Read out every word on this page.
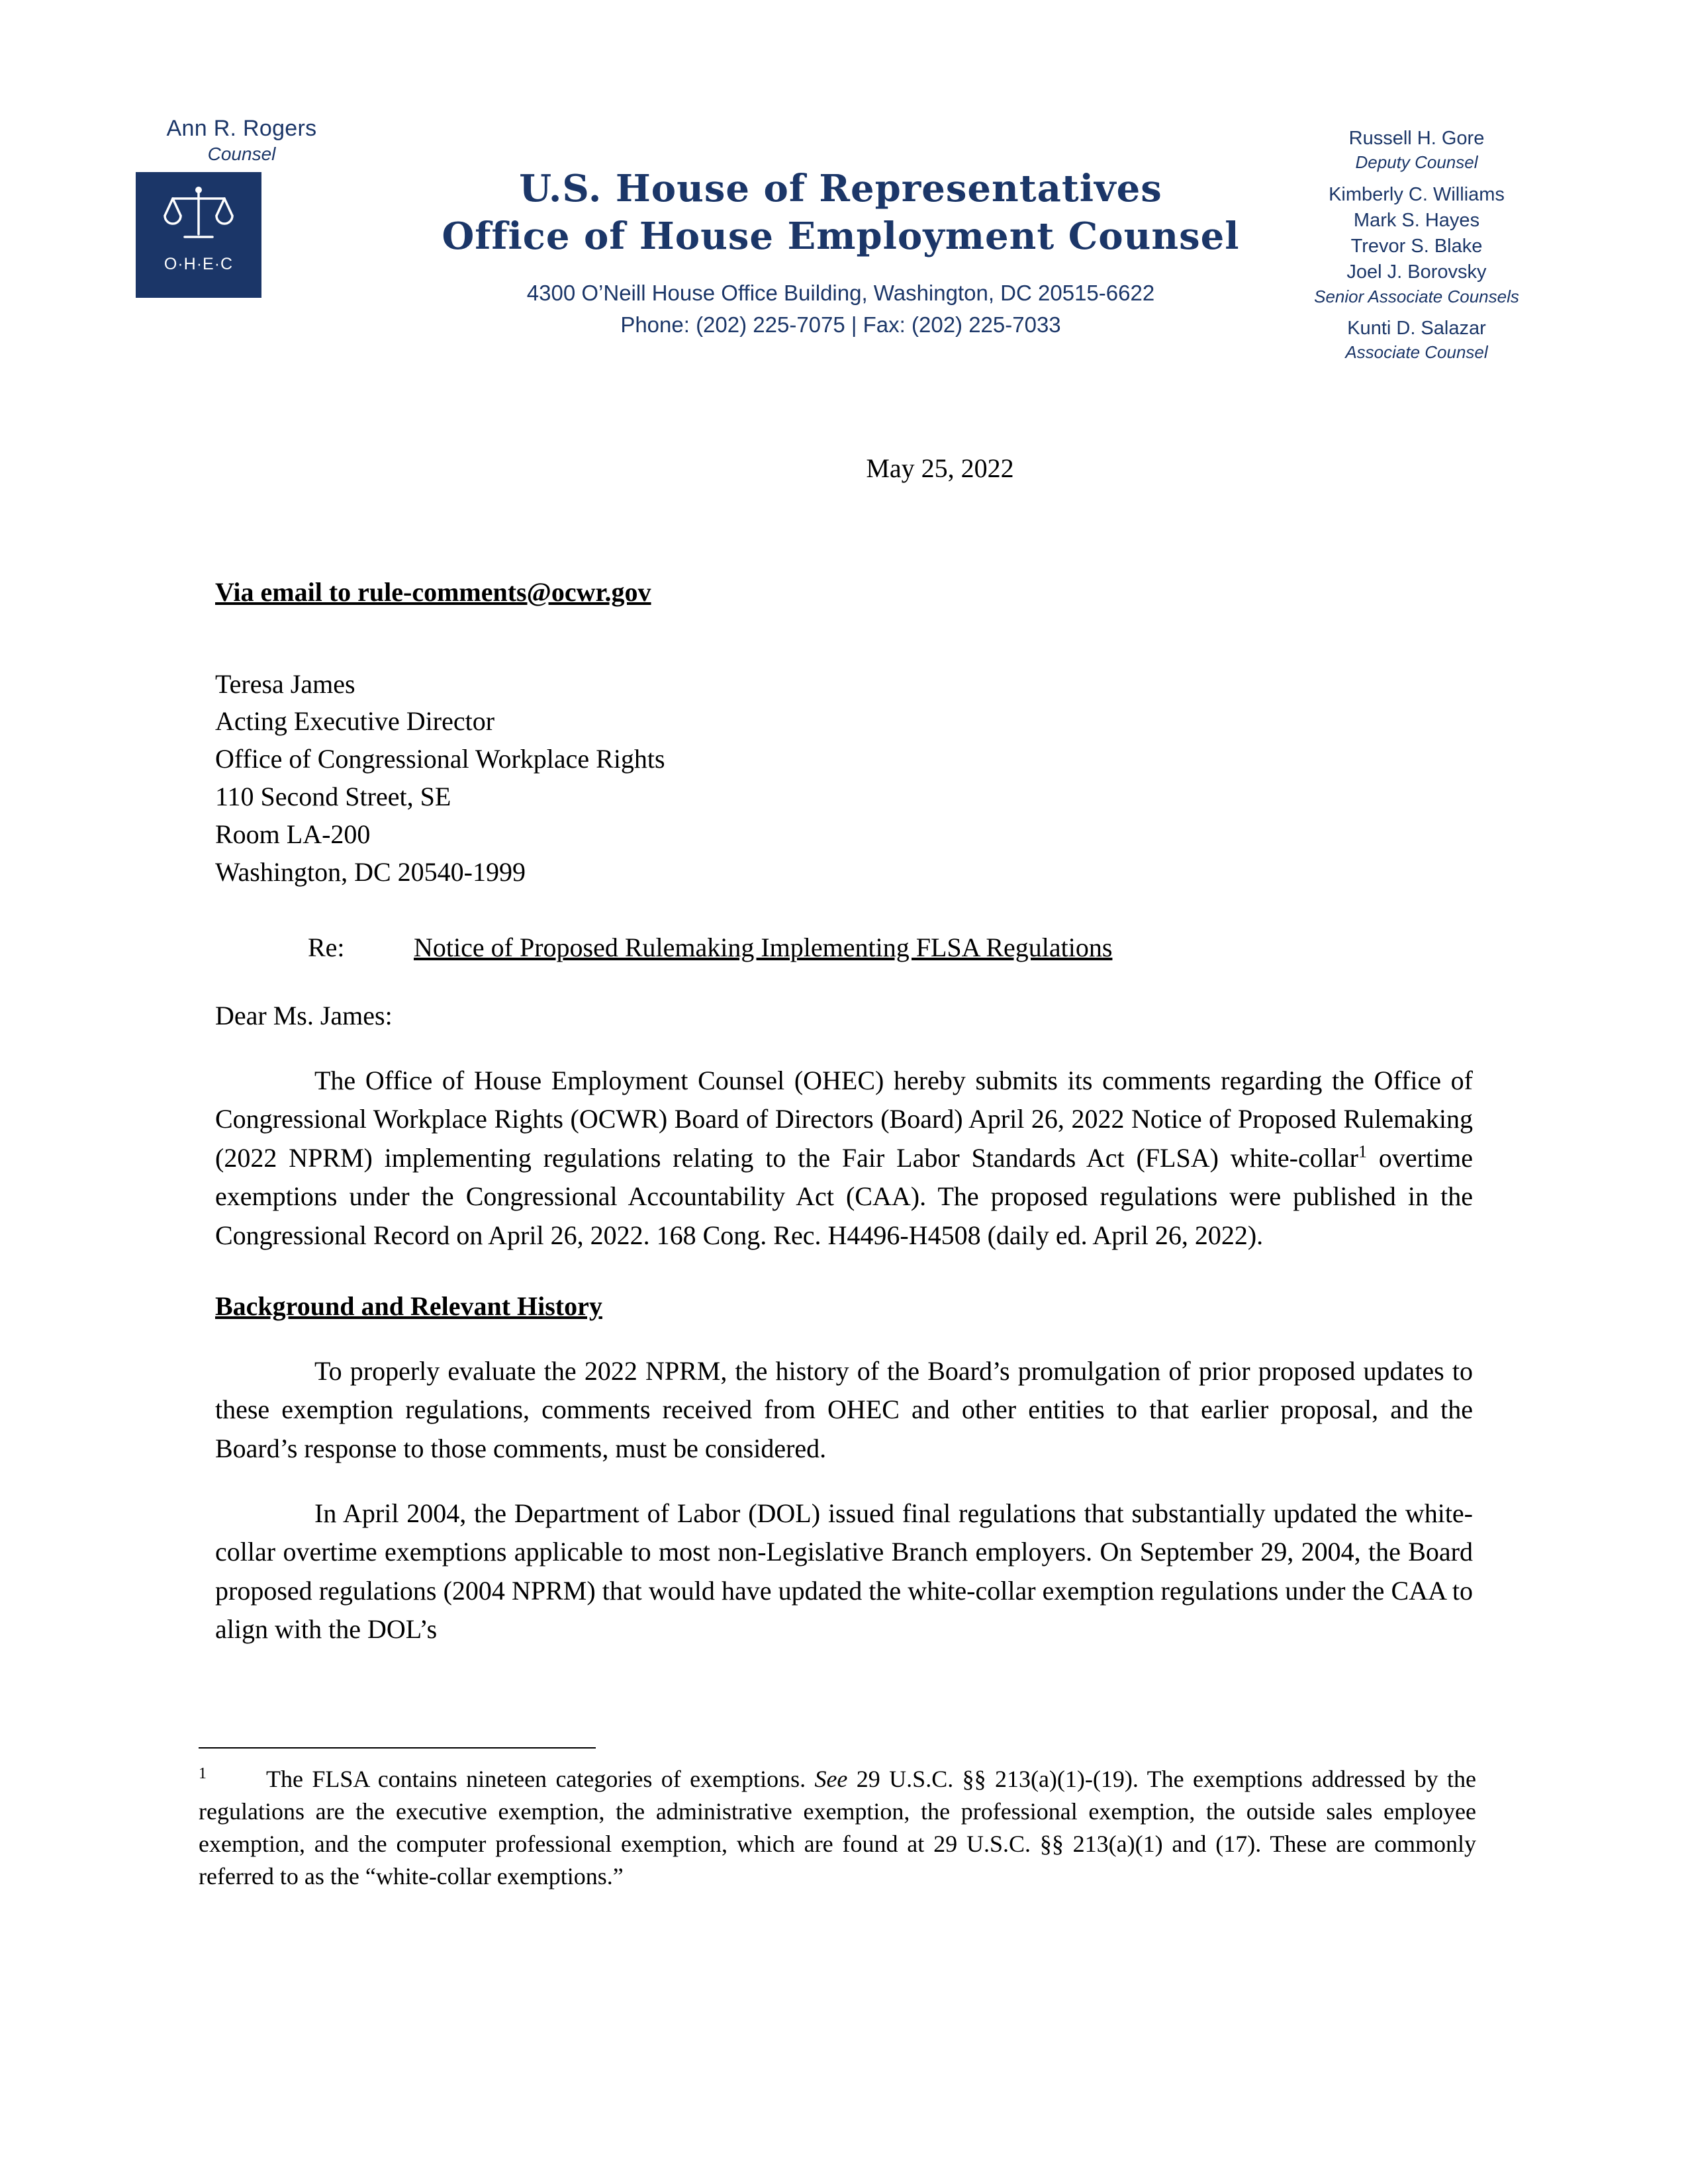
Ann R. Rogers
Counsel
O·H·E·C
U.S. House of Representatives
Office of House Employment Counsel
4300 O’Neill House Office Building, Washington, DC 20515-6622
Phone: (202) 225-7075 | Fax: (202) 225-7033
Russell H. Gore
Deputy Counsel
Kimberly C. Williams
Mark S. Hayes
Trevor S. Blake
Joel J. Borovsky
Senior Associate Counsels
Kunti D. Salazar
Associate Counsel
May 25, 2022
Via email to rule-comments@ocwr.gov
Teresa James
Acting Executive Director
Office of Congressional Workplace Rights
110 Second Street, SE
Room LA-200
Washington, DC 20540-1999
Re:	Notice of Proposed Rulemaking Implementing FLSA Regulations
Dear Ms. James:

The Office of House Employment Counsel (OHEC) hereby submits its comments regarding the Office of Congressional Workplace Rights (OCWR) Board of Directors (Board) April 26, 2022 Notice of Proposed Rulemaking (2022 NPRM) implementing regulations relating to the Fair Labor Standards Act (FLSA) white-collar$^1$ overtime exemptions under the Congressional Accountability Act (CAA). The proposed regulations were published in the Congressional Record on April 26, 2022. 168 Cong. Rec. H4496-H4508 (daily ed. April 26, 2022).

Background and Relevant History

To properly evaluate the 2022 NPRM, the history of the Board’s promulgation of prior proposed updates to these exemption regulations, comments received from OHEC and other entities to that earlier proposal, and the Board’s response to those comments, must be considered.

In April 2004, the Department of Labor (DOL) issued final regulations that substantially updated the white-collar overtime exemptions applicable to most non-Legislative Branch employers. On September 29, 2004, the Board proposed regulations (2004 NPRM) that would have updated the white-collar exemption regulations under the CAA to align with the DOL’s

$^1$	The FLSA contains nineteen categories of exemptions. See 29 U.S.C. §§ 213(a)(1)-(19). The exemptions addressed by the regulations are the executive exemption, the administrative exemption, the professional exemption, the outside sales employee exemption, and the computer professional exemption, which are found at 29 U.S.C. §§ 213(a)(1) and (17). These are commonly referred to as the “white-collar exemptions.”
